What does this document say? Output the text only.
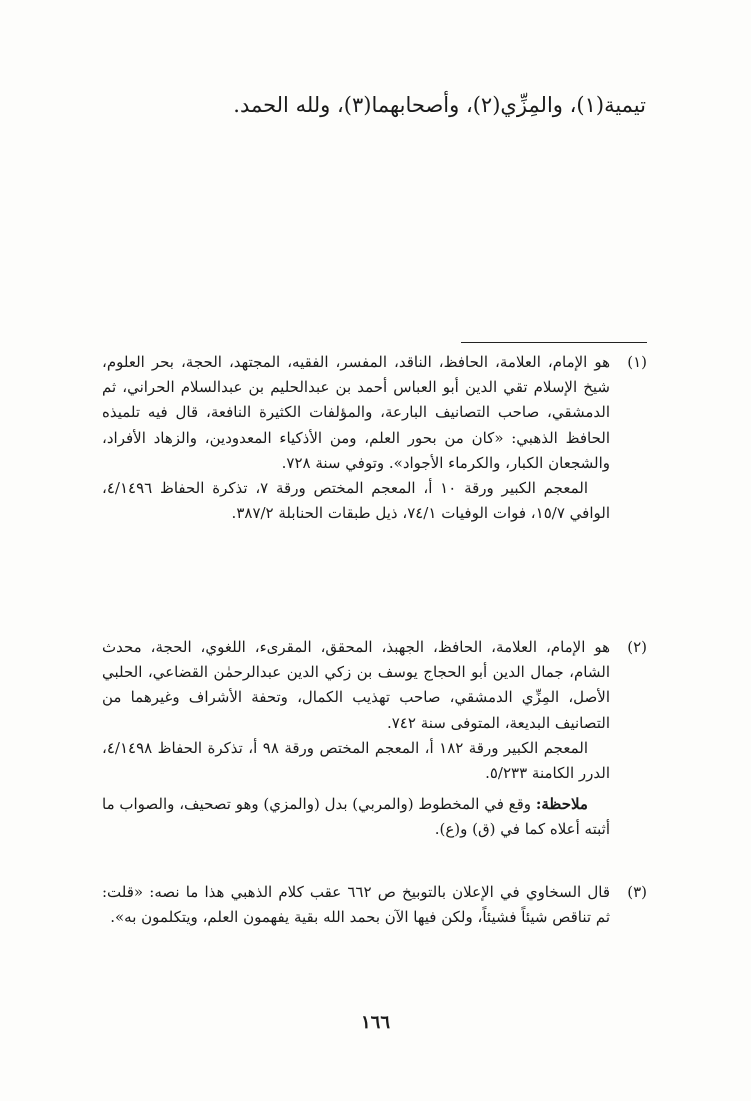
تيمية(١)، والمِزِّي(٢)، وأصحابهما(٣)، ولله الحمد.
(١)

هو الإمام، العلامة، الحافظ، الناقد، المفسر، الفقيه، المجتهد، الحجة، بحر العلوم، شيخ الإسلام تقي الدين أبو العباس أحمد بن عبدالحليم بن عبدالسلام الحراني، ثم الدمشقي، صاحب التصانيف البارعة، والمؤلفات الكثيرة النافعة، قال فيه تلميذه الحافظ الذهبي: «كان من بحور العلم، ومن الأذكياء المعدودين، والزهاد الأفراد، والشجعان الكبار، والكرماء الأجواد». وتوفي سنة ٧٢٨.

المعجم الكبير ورقة ١٠ أ، المعجم المختص ورقة ٧، تذكرة الحفاظ ٤/١٤٩٦، الوافي ١٥/٧، فوات الوفيات ٧٤/١، ذيل طبقات الحنابلة ٣٨٧/٢.

(٢)

هو الإمام، العلامة، الحافظ، الجهبذ، المحقق، المقرىء، اللغوي، الحجة، محدث الشام، جمال الدين أبو الحجاج يوسف بن زكي الدين عبدالرحمٰن القضاعي، الحلبي الأصل، المِزِّي الدمشقي، صاحب تهذيب الكمال، وتحفة الأشراف وغيرهما من التصانيف البديعة، المتوفى سنة ٧٤٢.

المعجم الكبير ورقة ١٨٢ أ، المعجم المختص ورقة ٩٨ أ، تذكرة الحفاظ ٤/١٤٩٨، الدرر الكامنة ٥/٢٣٣.

ملاحظة: وقع في المخطوط (والمربي) بدل (والمزي) وهو تصحيف، والصواب ما أثبته أعلاه كما في (ق) و(ع).

(٣)

قال السخاوي في الإعلان بالتوبيخ ص ٦٦٢ عقب كلام الذهبي هذا ما نصه: «قلت: ثم تناقص شيئاً فشيئاً، ولكن فيها الآن بحمد الله بقية يفهمون العلم، ويتكلمون به».

١٦٦
